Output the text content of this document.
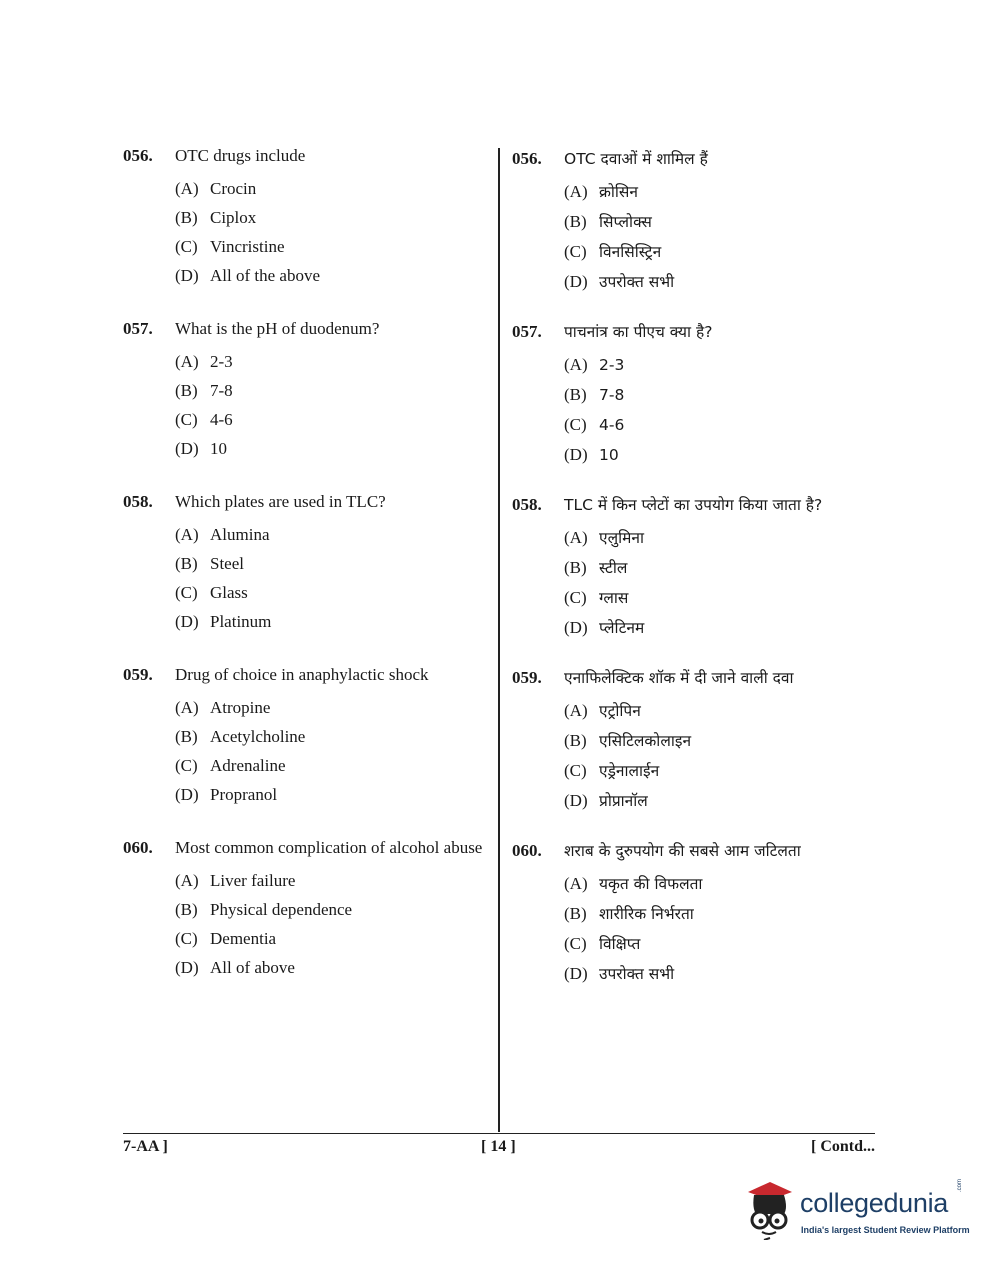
056.	OTC drugs include
(A) Crocin
(B) Ciplox
(C) Vincristine
(D) All of the above
057.	What is the pH of duodenum?
(A) 2-3
(B) 7-8
(C) 4-6
(D) 10
058.	Which plates are used in TLC?
(A) Alumina
(B) Steel
(C) Glass
(D) Platinum
059.	Drug of choice in anaphylactic shock
(A) Atropine
(B) Acetylcholine
(C) Adrenaline
(D) Propranol
060.	Most common complication of alcohol abuse
(A) Liver failure
(B) Physical dependence
(C) Dementia
(D) All of above
056.	OTC दवाओं में शामिल हैं
(A) क्रोसिन
(B) सिप्लोक्स
(C) विनसिस्ट्रिन
(D) उपरोक्त सभी
057.	पाचनांत्र का पीएच क्या है?
(A) 2-3
(B) 7-8
(C) 4-6
(D) 10
058.	TLC में किन प्लेटों का उपयोग किया जाता है?
(A) एलुमिना
(B) स्टील
(C) ग्लास
(D) प्लेटिनम
059.	एनाफिलेक्टिक शॉक में दी जाने वाली दवा
(A) एट्रोपिन
(B) एसिटिलकोलाइन
(C) एड्रेनालाईन
(D) प्रोप्रानॉल
060.	शराब के दुरुपयोग की सबसे आम जटिलता
(A) यकृत की विफलता
(B) शारीरिक निर्भरता
(C) विक्षिप्त
(D) उपरोक्त सभी
7-AA ]	[ 14 ]	[ Contd...
collegedunia
.com
India's largest Student Review Platform
